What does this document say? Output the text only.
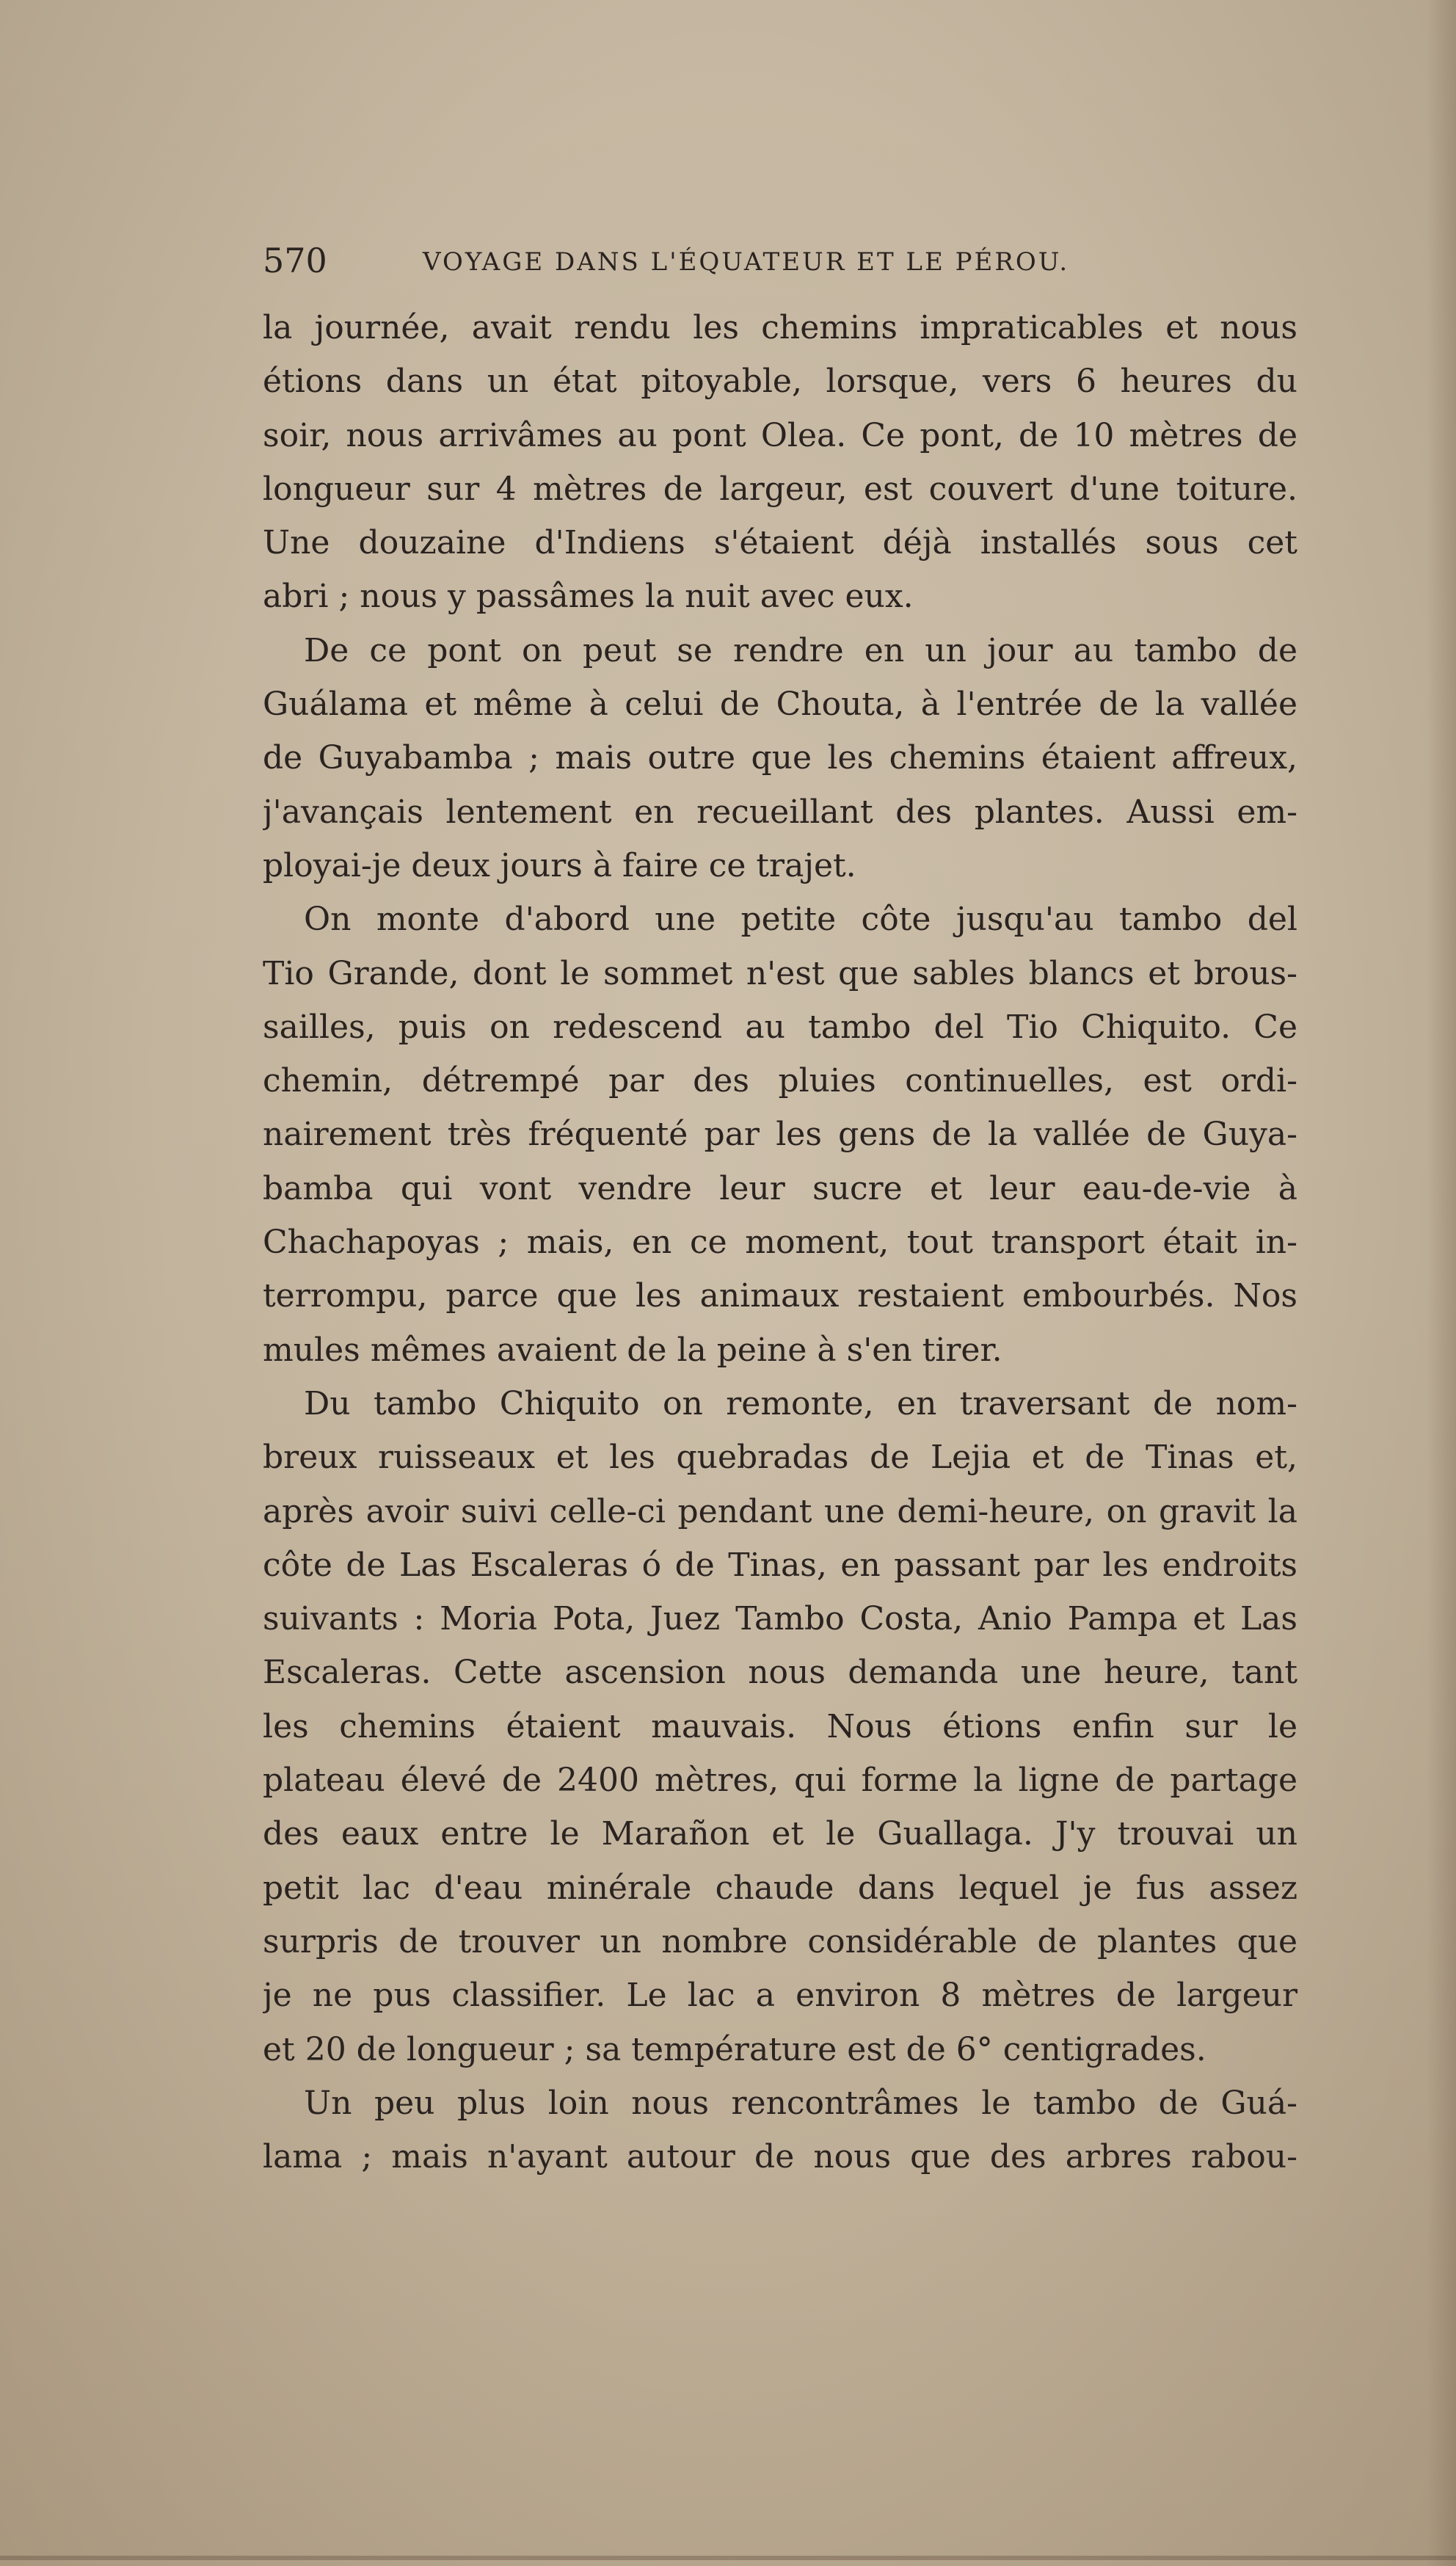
570	VOYAGE DANS L'ÉQUATEUR ET LE PÉROU.
la journée, avait rendu les chemins impraticables et nous
étions dans un état pitoyable, lorsque, vers 6 heures du
soir, nous arrivâmes au pont Olea. Ce pont, de 10 mètres de
longueur sur 4 mètres de largeur, est couvert d'une toiture.
Une douzaine d'Indiens s'étaient déjà installés sous cet
abri ; nous y passâmes la nuit avec eux.
De ce pont on peut se rendre en un jour au tambo de
Guálama et même à celui de Chouta, à l'entrée de la vallée
de Guyabamba ; mais outre que les chemins étaient affreux,
j'avançais lentement en recueillant des plantes. Aussi em-
ployai-je deux jours à faire ce trajet.
On monte d'abord une petite côte jusqu'au tambo del
Tio Grande, dont le sommet n'est que sables blancs et brous-
sailles, puis on redescend au tambo del Tio Chiquito. Ce
chemin, détrempé par des pluies continuelles, est ordi-
nairement très fréquenté par les gens de la vallée de Guya-
bamba qui vont vendre leur sucre et leur eau-de-vie à
Chachapoyas ; mais, en ce moment, tout transport était in-
terrompu, parce que les animaux restaient embourbés. Nos
mules mêmes avaient de la peine à s'en tirer.
Du tambo Chiquito on remonte, en traversant de nom-
breux ruisseaux et les quebradas de Lejia et de Tinas et,
après avoir suivi celle-ci pendant une demi-heure, on gravit la
côte de Las Escaleras ó de Tinas, en passant par les endroits
suivants : Moria Pota, Juez Tambo Costa, Anio Pampa et Las
Escaleras. Cette ascension nous demanda une heure, tant
les chemins étaient mauvais. Nous étions enfin sur le
plateau élevé de 2400 mètres, qui forme la ligne de partage
des eaux entre le Marañon et le Guallaga. J'y trouvai un
petit lac d'eau minérale chaude dans lequel je fus assez
surpris de trouver un nombre considérable de plantes que
je ne pus classifier. Le lac a environ 8 mètres de largeur
et 20 de longueur ; sa température est de 6° centigrades.
Un peu plus loin nous rencontrâmes le tambo de Guá-
lama ; mais n'ayant autour de nous que des arbres rabou-
